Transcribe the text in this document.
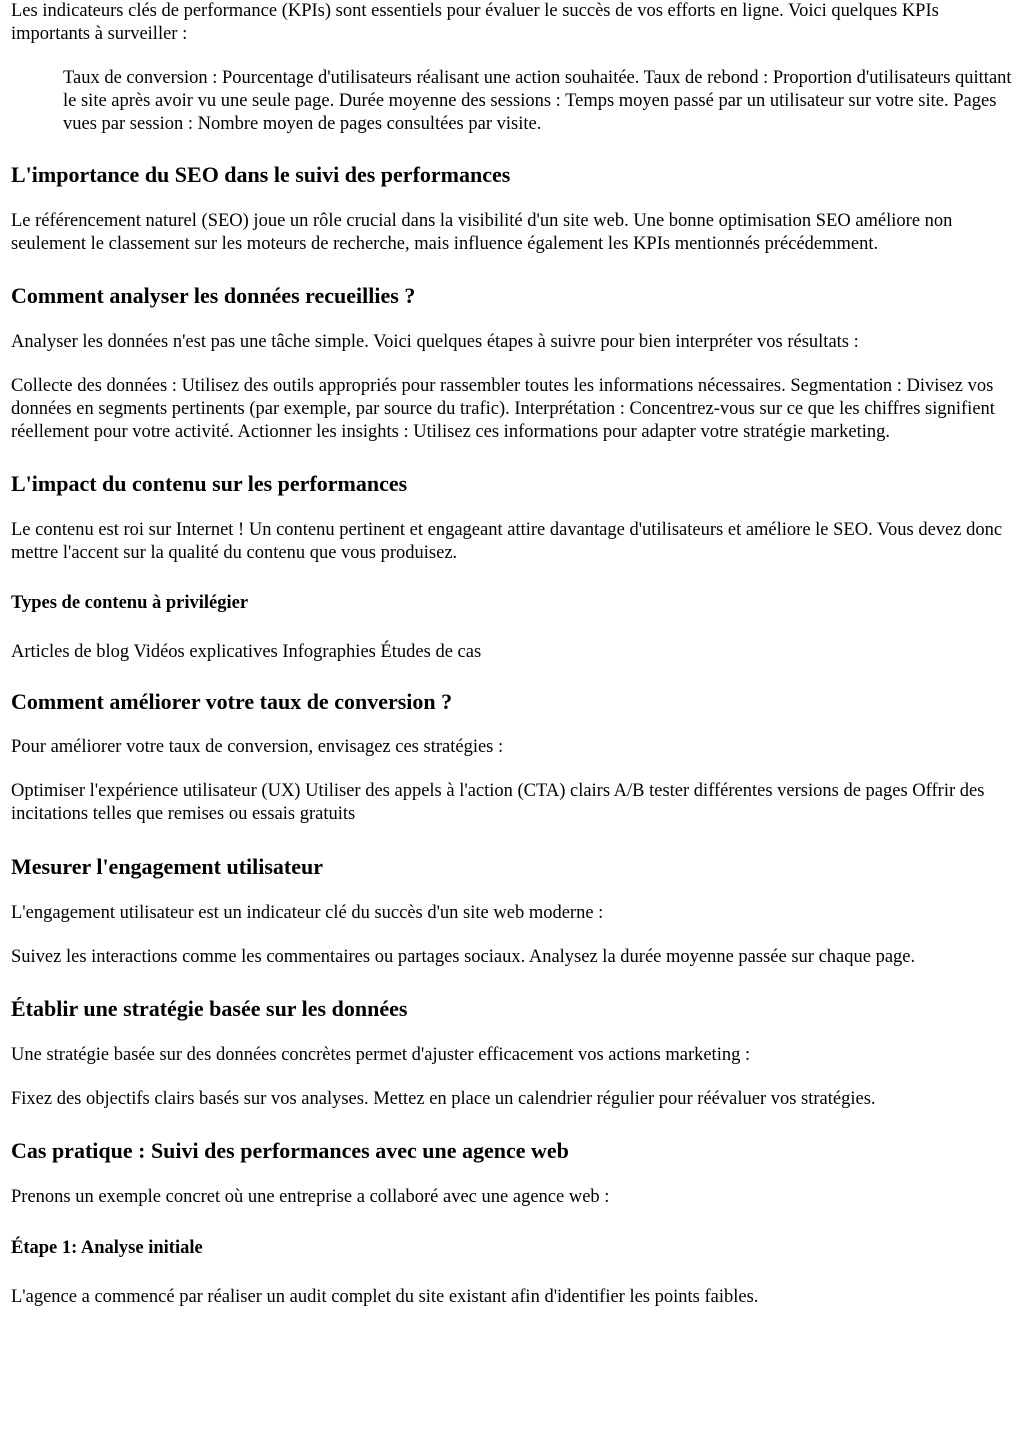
Les indicateurs clés de performance (KPIs) sont essentiels pour évaluer le succès de vos efforts en ligne. Voici quelques KPIs importants à surveiller :

Taux de conversion : Pourcentage d'utilisateurs réalisant une action souhaitée. Taux de rebond : Proportion d'utilisateurs quittant le site après avoir vu une seule page. Durée moyenne des sessions : Temps moyen passé par un utilisateur sur votre site. Pages vues par session : Nombre moyen de pages consultées par visite.
L'importance du SEO dans le suivi des performances

Le référencement naturel (SEO) joue un rôle crucial dans la visibilité d'un site web. Une bonne optimisation SEO améliore non seulement le classement sur les moteurs de recherche, mais influence également les KPIs mentionnés précédemment.

Comment analyser les données recueillies ?

Analyser les données n'est pas une tâche simple. Voici quelques étapes à suivre pour bien interpréter vos résultats :

Collecte des données : Utilisez des outils appropriés pour rassembler toutes les informations nécessaires. Segmentation : Divisez vos données en segments pertinents (par exemple, par source du trafic). Interprétation : Concentrez-vous sur ce que les chiffres signifient réellement pour votre activité. Actionner les insights : Utilisez ces informations pour adapter votre stratégie marketing.

L'impact du contenu sur les performances

Le contenu est roi sur Internet ! Un contenu pertinent et engageant attire davantage d'utilisateurs et améliore le SEO. Vous devez donc mettre l'accent sur la qualité du contenu que vous produisez.

Types de contenu à privilégier

Articles de blog Vidéos explicatives Infographies Études de cas

Comment améliorer votre taux de conversion ?

Pour améliorer votre taux de conversion, envisagez ces stratégies :

Optimiser l'expérience utilisateur (UX) Utiliser des appels à l'action (CTA) clairs A/B tester différentes versions de pages Offrir des incitations telles que remises ou essais gratuits

Mesurer l'engagement utilisateur

L'engagement utilisateur est un indicateur clé du succès d'un site web moderne :

Suivez les interactions comme les commentaires ou partages sociaux. Analysez la durée moyenne passée sur chaque page.

Établir une stratégie basée sur les données

Une stratégie basée sur des données concrètes permet d'ajuster efficacement vos actions marketing :

Fixez des objectifs clairs basés sur vos analyses. Mettez en place un calendrier régulier pour réévaluer vos stratégies.

Cas pratique : Suivi des performances avec une agence web

Prenons un exemple concret où une entreprise a collaboré avec une agence web :

Étape 1: Analyse initiale

L'agence a commencé par réaliser un audit complet du site existant afin d'identifier les points faibles.
